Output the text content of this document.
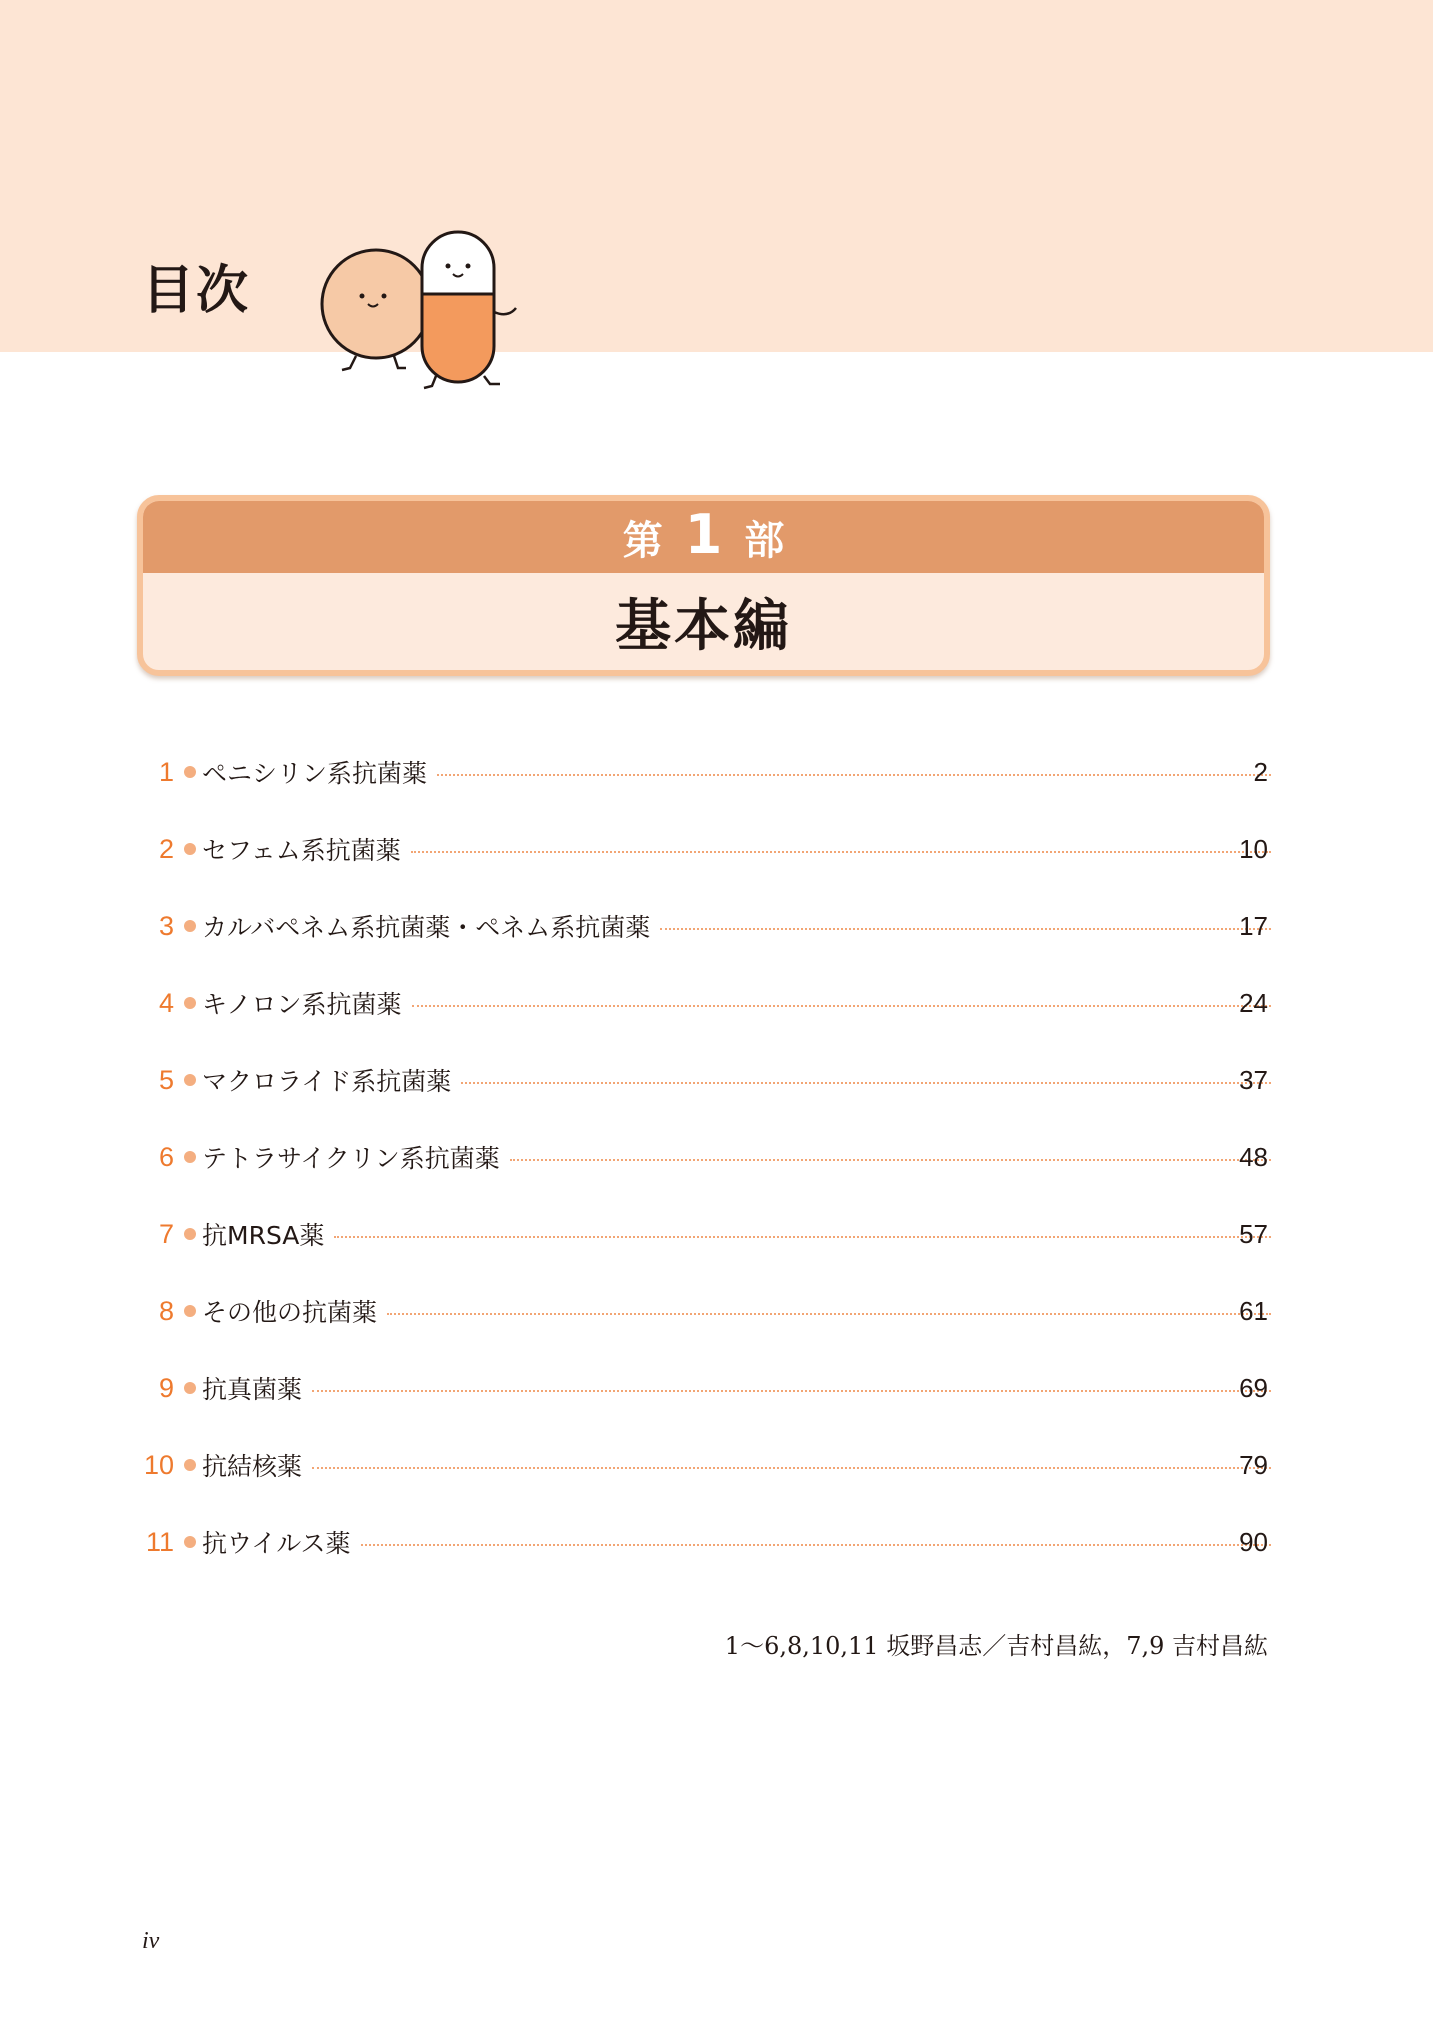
目次
第 1 部
基本編
1 ペニシリン系抗菌薬	2
2 セフェム系抗菌薬	10
3 カルバペネム系抗菌薬・ペネム系抗菌薬	17
4 キノロン系抗菌薬	24
5 マクロライド系抗菌薬	37
6 テトラサイクリン系抗菌薬	48
7 抗MRSA薬	57
8 その他の抗菌薬	61
9 抗真菌薬	69
10 抗結核薬	79
11 抗ウイルス薬	90
1～6,8,10,11 坂野昌志／吉村昌紘，7,9 吉村昌紘
iv
